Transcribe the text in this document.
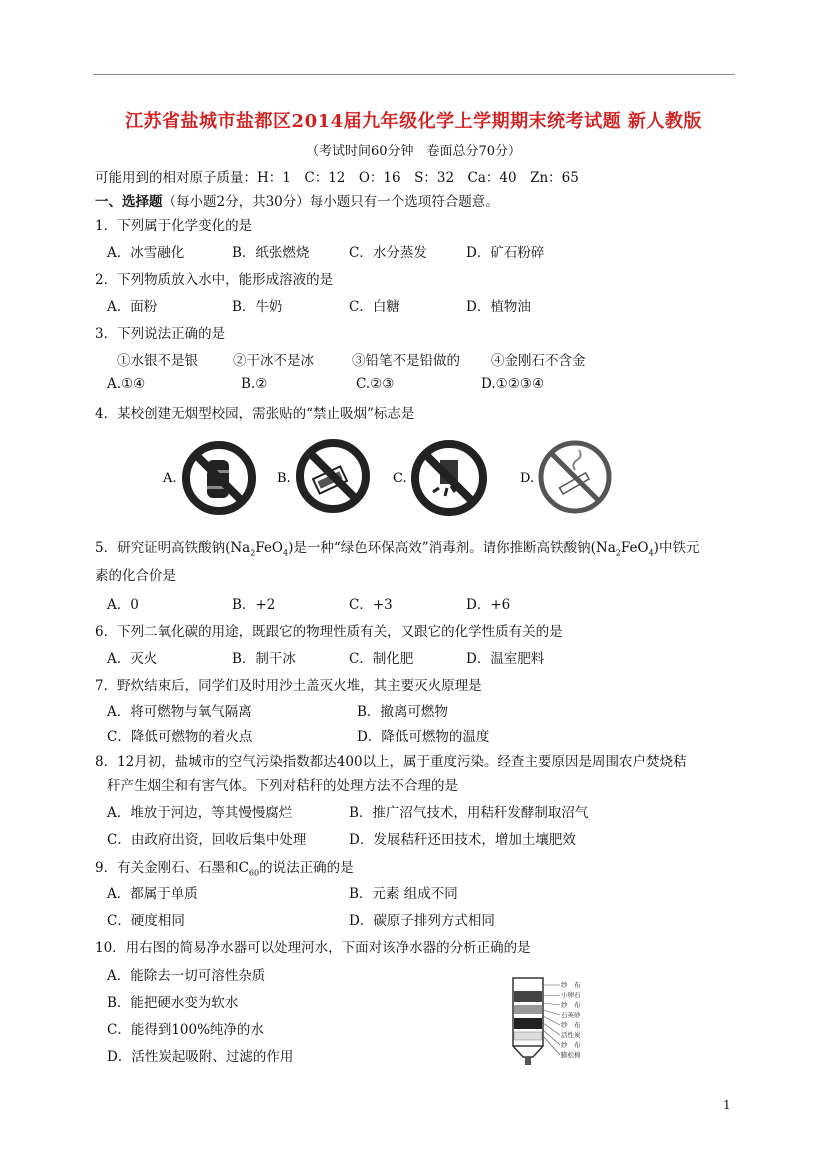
江苏省盐城市盐都区2014届九年级化学上学期期末统考试题 新人教版
（考试时间60分钟　卷面总分70分）
可能用到的相对原子质量：H：1　C：12　O：16　S：32　Ca：40　Zn：65
一、选择题（每小题2分，共30分）每小题只有一个选项符合题意。
1．下列属于化学变化的是
A．冰雪融化	B．纸张燃烧	C．水分蒸发	D．矿石粉碎
2．下列物质放入水中，能形成溶液的是
A．面粉	B．牛奶	C．白糖	D．植物油
3．下列说法正确的是
①水银不是银	②干冰不是冰	③铅笔不是铅做的 ④金刚石不含金
A.①④	B.②	C.②③	D.①②③④
4．某校创建无烟型校园，需张贴的“禁止吸烟”标志是
A.	B.	C.	D.
5．研究证明高铁酸钠$(Na_2FeO_4)$是一种“绿色环保高效”消毒剂。请你推断高铁酸钠$(Na_2FeO_4)$中铁元
素的化合价是
A．0	B．+2	C．+3	D．+6
6．下列二氧化碳的用途，既跟它的物理性质有关，又跟它的化学性质有关的是
A．灭火	B．制干冰	C．制化肥	D．温室肥料
7．野炊结束后，同学们及时用沙土盖灭火堆，其主要灭火原理是
A．将可燃物与氧气隔离	B．撤离可燃物
C．降低可燃物的着火点	D．降低可燃物的温度
8．12月初，盐城市的空气污染指数都达400以上，属于重度污染。经查主要原因是周围农户焚烧秸
秆产生烟尘和有害气体。下列对秸秆的处理方法不合理的是
A．堆放于河边，等其慢慢腐烂	B．推广沼气技术，用秸秆发酵制取沼气
C．由政府出资，回收后集中处理	D．发展秸秆还田技术，增加土壤肥效
9．有关金刚石、石墨和$C_{60}$的说法正确的是
A．都属于单质	B．元素 组成不同
C．硬度相同	D．碳原子排列方式相同
10．用右图的简易净水器可以处理河水，下面对该净水器的分析正确的是
A．能除去一切可溶性杂质
B．能把硬水变为软水
C．能得到100%纯净的水
D．活性炭起吸附、过滤的作用
纱　布
小卵石
纱　布
石英砂
纱　布
活性炭
纱　布
膨松棉
1
